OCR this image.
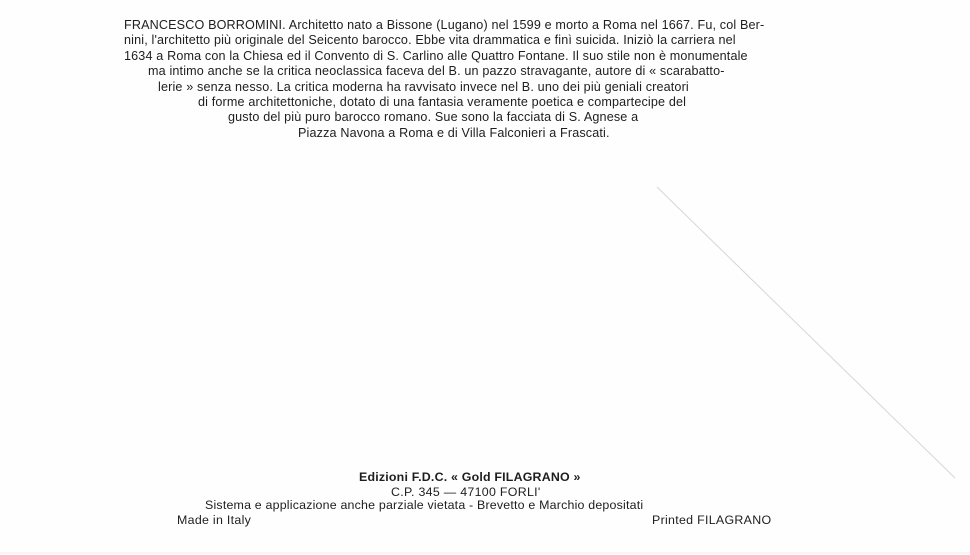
FRANCESCO BORROMINI. Architetto nato a Bissone (Lugano) nel 1599 e morto a Roma nel 1667. Fu, col Ber-
nini, l'architetto più originale del Seicento barocco. Ebbe vita drammatica e finì suicida. Iniziò la carriera nel
1634 a Roma con la Chiesa ed il Convento di S. Carlino alle Quattro Fontane. Il suo stile non è monumentale
ma intimo anche se la critica neoclassica faceva del B. un pazzo stravagante, autore di « scarabatto-
lerie » senza nesso. La critica moderna ha ravvisato invece nel B. uno dei più geniali creatori
di forme architettoniche, dotato di una fantasia veramente poetica e compartecipe del
gusto del più puro barocco romano. Sue sono la facciata di S. Agnese a
Piazza Navona a Roma e di Villa Falconieri a Frascati.
Edizioni F.D.C. « Gold FILAGRANO »
C.P. 345 — 47100 FORLI'
Sistema e applicazione anche parziale vietata - Brevetto e Marchio depositati
Made in Italy	Printed FILAGRANO
